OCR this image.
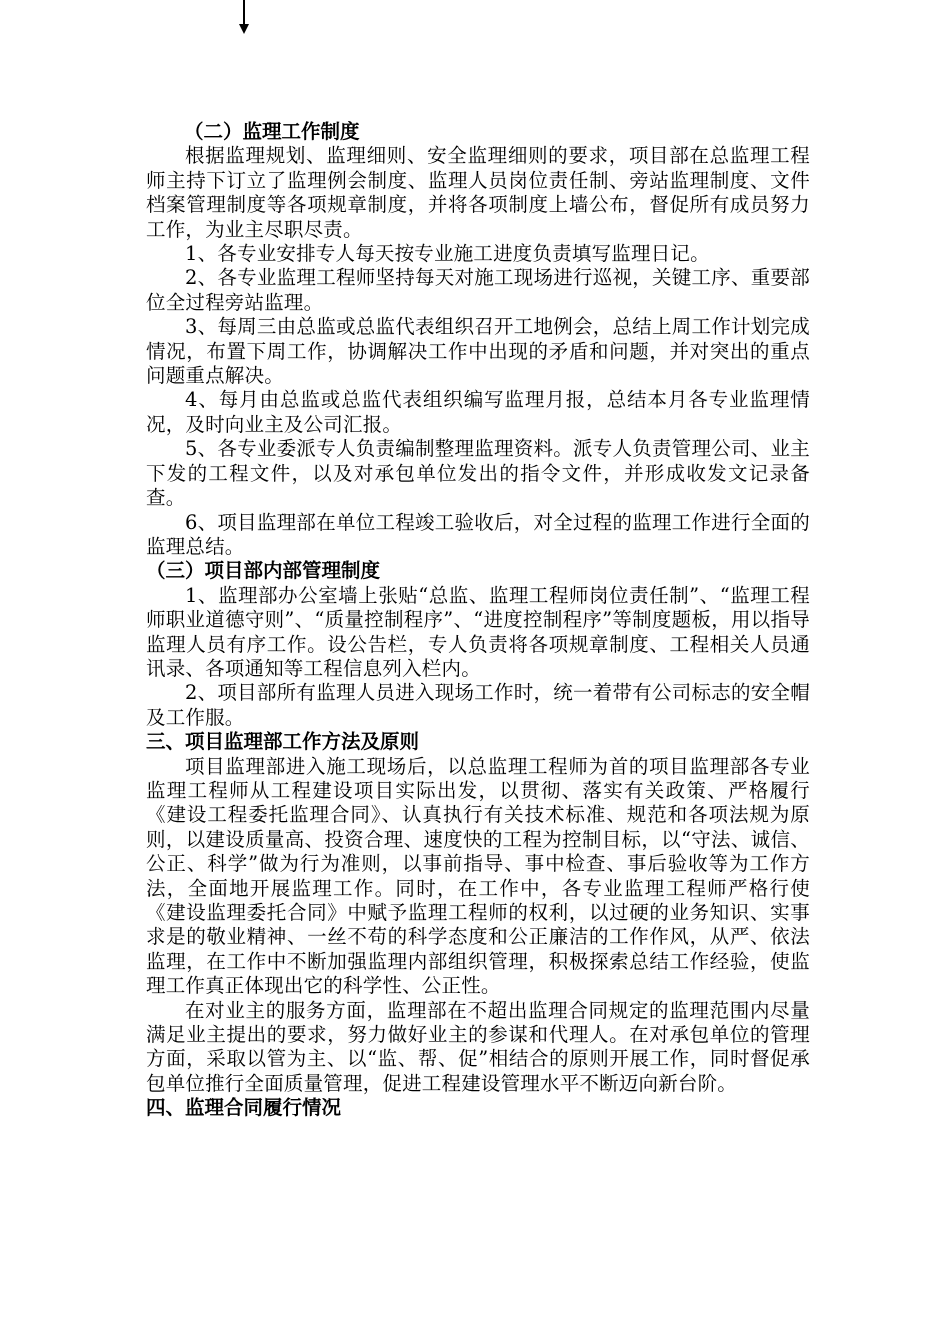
（二）监理工作制度

根据监理规划、监理细则、安全监理细则的要求，项目部在总监理工程师主持下订立了监理例会制度、监理人员岗位责任制、旁站监理制度、文件档案管理制度等各项规章制度，并将各项制度上墙公布，督促所有成员努力工作，为业主尽职尽责。

1、各专业安排专人每天按专业施工进度负责填写监理日记。

2、各专业监理工程师坚持每天对施工现场进行巡视，关键工序、重要部位全过程旁站监理。

3、每周三由总监或总监代表组织召开工地例会，总结上周工作计划完成情况，布置下周工作，协调解决工作中出现的矛盾和问题，并对突出的重点问题重点解决。

4、每月由总监或总监代表组织编写监理月报，总结本月各专业监理情况，及时向业主及公司汇报。

5、各专业委派专人负责编制整理监理资料。派专人负责管理公司、业主下发的工程文件，以及对承包单位发出的指令文件，并形成收发文记录备查。

6、项目监理部在单位工程竣工验收后，对全过程的监理工作进行全面的监理总结。

（三）项目部内部管理制度

1、监理部办公室墙上张贴“总监、监理工程师岗位责任制”、“监理工程师职业道德守则”、“质量控制程序”、“进度控制程序”等制度题板，用以指导监理人员有序工作。设公告栏，专人负责将各项规章制度、工程相关人员通讯录、各项通知等工程信息列入栏内。

2、项目部所有监理人员进入现场工作时，统一着带有公司标志的安全帽及工作服。

三、项目监理部工作方法及原则

项目监理部进入施工现场后，以总监理工程师为首的项目监理部各专业监理工程师从工程建设项目实际出发，以贯彻、落实有关政策、严格履行《建设工程委托监理合同》、认真执行有关技术标准、规范和各项法规为原则，以建设质量高、投资合理、速度快的工程为控制目标，以“守法、诚信、公正、科学”做为行为准则，以事前指导、事中检查、事后验收等为工作方法，全面地开展监理工作。同时，在工作中，各专业监理工程师严格行使《建设监理委托合同》中赋予监理工程师的权利，以过硬的业务知识、实事求是的敬业精神、一丝不苟的科学态度和公正廉洁的工作作风，从严、依法监理，在工作中不断加强监理内部组织管理，积极探索总结工作经验，使监理工作真正体现出它的科学性、公正性。

在对业主的服务方面，监理部在不超出监理合同规定的监理范围内尽量满足业主提出的要求，努力做好业主的参谋和代理人。在对承包单位的管理方面，采取以管为主、以“监、帮、促”相结合的原则开展工作，同时督促承包单位推行全面质量管理，促进工程建设管理水平不断迈向新台阶。

四、监理合同履行情况
